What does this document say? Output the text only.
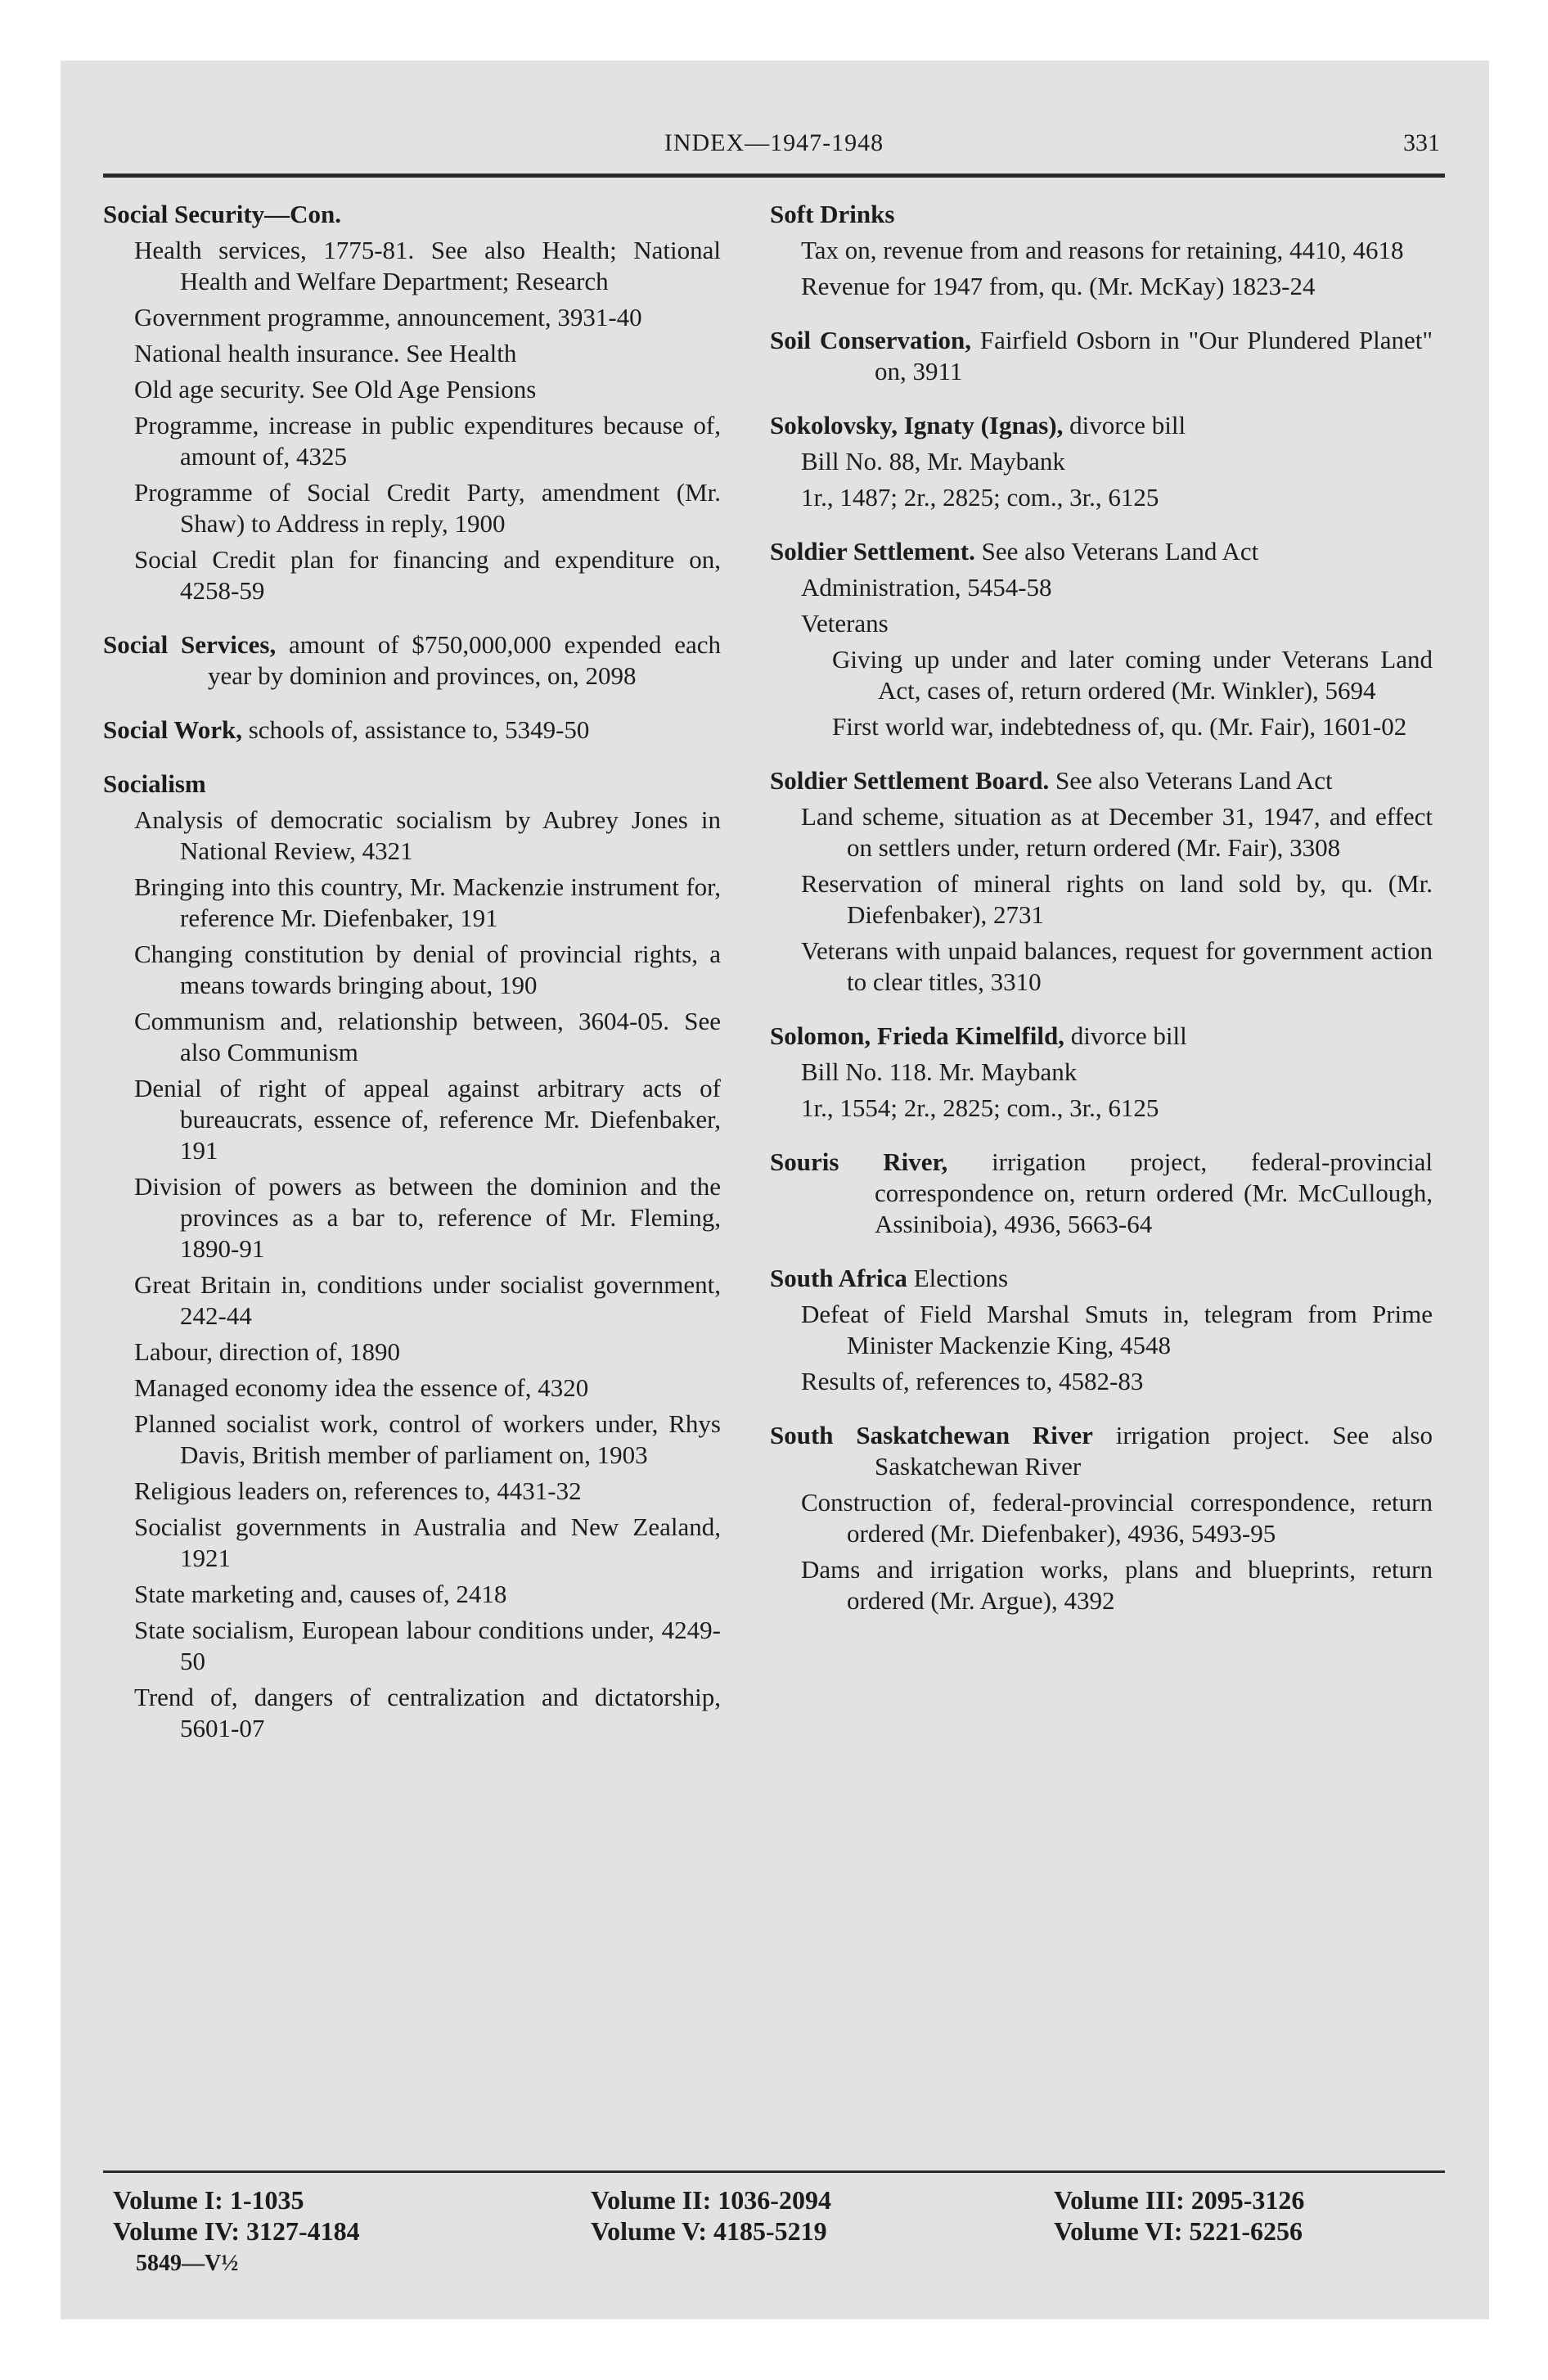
INDEX—1947-1948	331
Social Security—Con.
Health services, 1775-81. See also Health; National Health and Welfare Department; Research
Government programme, announcement, 3931-40
National health insurance. See Health
Old age security. See Old Age Pensions
Programme, increase in public expenditures because of, amount of, 4325
Programme of Social Credit Party, amendment (Mr. Shaw) to Address in reply, 1900
Social Credit plan for financing and expenditure on, 4258-59
Social Services, amount of $750,000,000 expended each year by dominion and provinces, on, 2098
Social Work, schools of, assistance to, 5349-50
Socialism
Analysis of democratic socialism by Aubrey Jones in National Review, 4321
Bringing into this country, Mr. Mackenzie instrument for, reference Mr. Diefenbaker, 191
Changing constitution by denial of provincial rights, a means towards bringing about, 190
Communism and, relationship between, 3604-05. See also Communism
Denial of right of appeal against arbitrary acts of bureaucrats, essence of, reference Mr. Diefenbaker, 191
Division of powers as between the dominion and the provinces as a bar to, reference of Mr. Fleming, 1890-91
Great Britain in, conditions under socialist government, 242-44
Labour, direction of, 1890
Managed economy idea the essence of, 4320
Planned socialist work, control of workers under, Rhys Davis, British member of parliament on, 1903
Religious leaders on, references to, 4431-32
Socialist governments in Australia and New Zealand, 1921
State marketing and, causes of, 2418
State socialism, European labour conditions under, 4249-50
Trend of, dangers of centralization and dictatorship, 5601-07
Soft Drinks
Tax on, revenue from and reasons for retaining, 4410, 4618
Revenue for 1947 from, qu. (Mr. McKay) 1823-24
Soil Conservation, Fairfield Osborn in "Our Plundered Planet" on, 3911
Sokolovsky, Ignaty (Ignas), divorce bill
Bill No. 88, Mr. Maybank
1r., 1487; 2r., 2825; com., 3r., 6125
Soldier Settlement. See also Veterans Land Act
Administration, 5454-58
Veterans
Giving up under and later coming under Veterans Land Act, cases of, return ordered (Mr. Winkler), 5694
First world war, indebtedness of, qu. (Mr. Fair), 1601-02
Soldier Settlement Board. See also Veterans Land Act
Land scheme, situation as at December 31, 1947, and effect on settlers under, return ordered (Mr. Fair), 3308
Reservation of mineral rights on land sold by, qu. (Mr. Diefenbaker), 2731
Veterans with unpaid balances, request for government action to clear titles, 3310
Solomon, Frieda Kimelfild, divorce bill
Bill No. 118. Mr. Maybank
1r., 1554; 2r., 2825; com., 3r., 6125
Souris River, irrigation project, federal-provincial correspondence on, return ordered (Mr. McCullough, Assiniboia), 4936, 5663-64
South Africa Elections
Defeat of Field Marshal Smuts in, telegram from Prime Minister Mackenzie King, 4548
Results of, references to, 4582-83
South Saskatchewan River irrigation project. See also Saskatchewan River
Construction of, federal-provincial correspondence, return ordered (Mr. Diefenbaker), 4936, 5493-95
Dams and irrigation works, plans and blueprints, return ordered (Mr. Argue), 4392
Volume I: 1-1035	Volume II: 1036-2094	Volume III: 2095-3126
Volume IV: 3127-4184	Volume V: 4185-5219	Volume VI: 5221-6256
5849—V½
